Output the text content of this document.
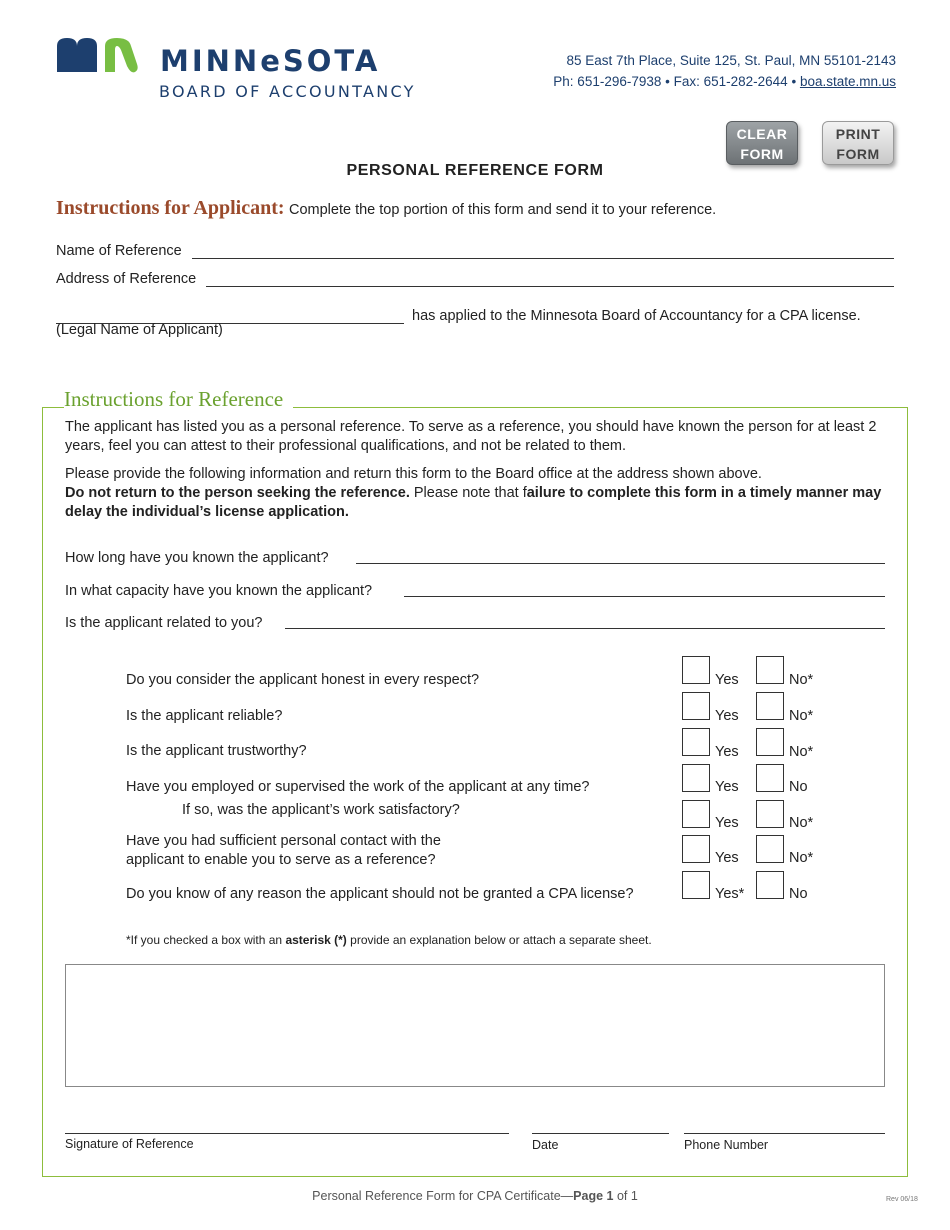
MINNeSOTA
BOARD OF ACCOUNTANCY
85 East 7th Place, Suite 125, St. Paul, MN 55101-2143
Ph: 651-296-7938 • Fax: 651-282-2644 • boa.state.mn.us
CLEAR
FORM
PRINT
FORM
PERSONAL REFERENCE FORM
Instructions for Applicant: Complete the top portion of this form and send it to your reference.
Name of Reference
Address of Reference
has applied to the Minnesota Board of Accountancy for a CPA license.
(Legal Name of Applicant)
Instructions for Reference
The applicant has listed you as a personal reference. To serve as a reference, you should have known the person for at least 2 years, feel you can attest to their professional qualifications, and not be related to them.
Please provide the following information and return this form to the Board office at the address shown above.
Do not return to the person seeking the reference. Please note that failure to complete this form in a timely manner may delay the individual’s license application.
How long have you known the applicant?
In what capacity have you known the applicant?
Is the applicant related to you?
Do you consider the applicant honest in every respect?	Yes	No*
Is the applicant reliable?	Yes	No*
Is the applicant trustworthy?	Yes	No*
Have you employed or supervised the work of the applicant at any time?	Yes	No
If so, was the applicant’s work satisfactory?
Yes	No*
Have you had sufficient personal contact with the
applicant to enable you to serve as a reference?	Yes	No*
Do you know of any reason the applicant should not be granted a CPA license?	Yes*	No
*If you checked a box with an asterisk (*) provide an explanation below or attach a separate sheet.
Signature of Reference	Date	Phone Number
Personal Reference Form for CPA Certificate—Page 1 of 1	Rev 06/18
